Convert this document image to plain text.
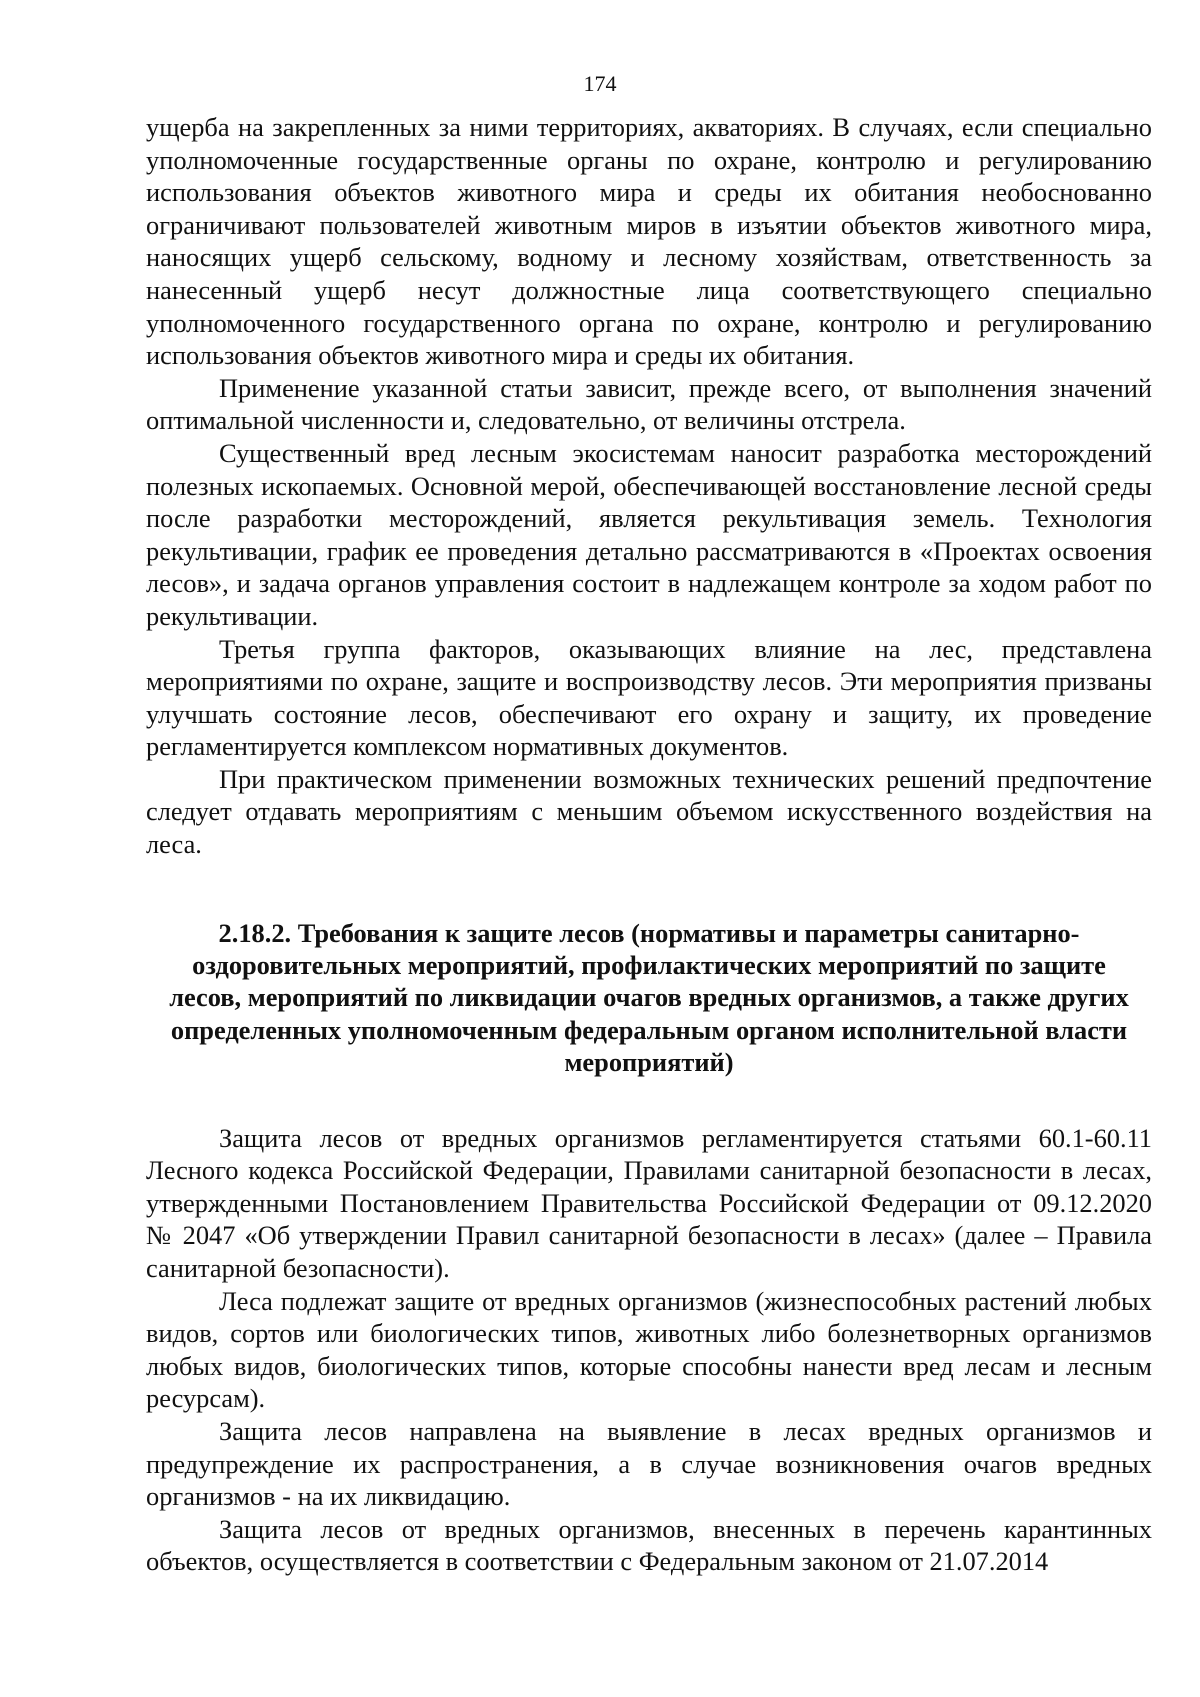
174

ущерба на закрепленных за ними территориях, акваториях. В случаях, если специально уполномоченные государственные органы по охране, контролю и регулированию использования объектов животного мира и среды их обитания необоснованно ограничивают пользователей животным миров в изъятии объектов животного мира, наносящих ущерб сельскому, водному и лесному хозяйствам, ответственность за нанесенный ущерб несут должностные лица соответствующего специально уполномоченного государственного органа по охране, контролю и регулированию использования объектов животного мира и среды их обитания.

Применение указанной статьи зависит, прежде всего, от выполнения значений оптимальной численности и, следовательно, от величины отстрела.

Существенный вред лесным экосистемам наносит разработка месторождений полезных ископаемых. Основной мерой, обеспечивающей восстановление лесной среды после разработки месторождений, является рекультивация земель. Технология рекультивации, график ее проведения детально рассматриваются в «Проектах освоения лесов», и задача органов управления состоит в надлежащем контроле за ходом работ по рекультивации.

Третья группа факторов, оказывающих влияние на лес, представлена мероприятиями по охране, защите и воспроизводству лесов. Эти мероприятия призваны улучшать состояние лесов, обеспечивают его охрану и защиту, их проведение регламентируется комплексом нормативных документов.

При практическом применении возможных технических решений предпочтение следует отдавать мероприятиям с меньшим объемом искусственного воздействия на леса.

2.18.2. Требования к защите лесов (нормативы и параметры санитарно-оздоровительных мероприятий, профилактических мероприятий по защите лесов, мероприятий по ликвидации очагов вредных организмов, а также других определенных уполномоченным федеральным органом исполнительной власти мероприятий)

Защита лесов от вредных организмов регламентируется статьями 60.1-60.11 Лесного кодекса Российской Федерации, Правилами санитарной безопасности в лесах, утвержденными Постановлением Правительства Российской Федерации от 09.12.2020 № 2047 «Об утверждении Правил санитарной безопасности в лесах» (далее – Правила санитарной безопасности).

Леса подлежат защите от вредных организмов (жизнеспособных растений любых видов, сортов или биологических типов, животных либо болезнетворных организмов любых видов, биологических типов, которые способны нанести вред лесам и лесным ресурсам).

Защита лесов направлена на выявление в лесах вредных организмов и предупреждение их распространения, а в случае возникновения очагов вредных организмов - на их ликвидацию.

Защита лесов от вредных организмов, внесенных в перечень карантинных объектов, осуществляется в соответствии с Федеральным законом от 21.07.2014
